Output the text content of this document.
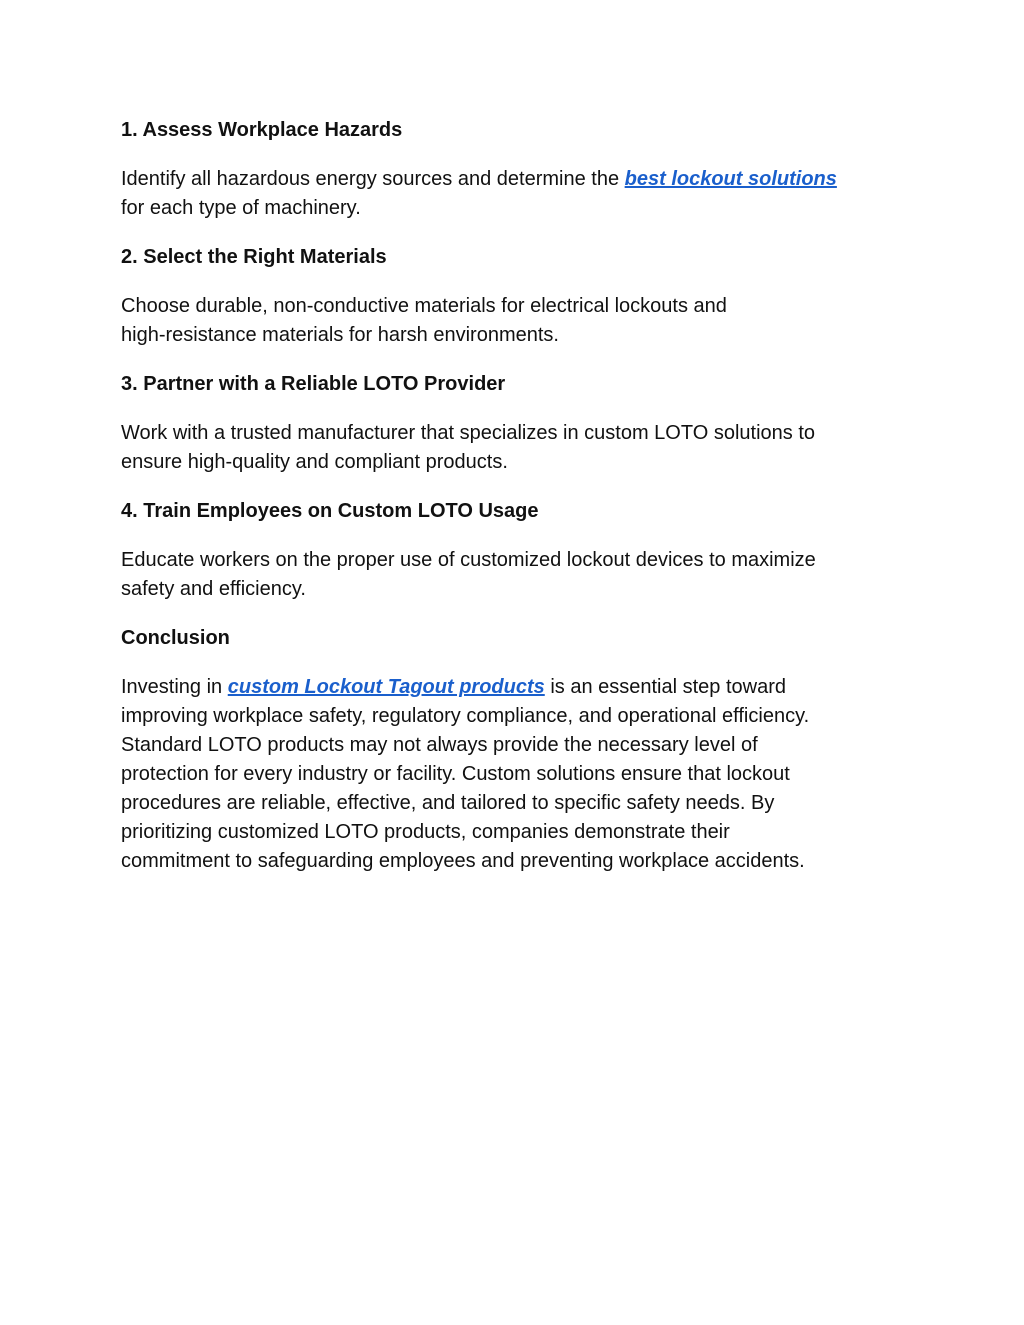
1. Assess Workplace Hazards
Identify all hazardous energy sources and determine the best lockout solutions
for each type of machinery.
2. Select the Right Materials
Choose durable, non-conductive materials for electrical lockouts and
high-resistance materials for harsh environments.
3. Partner with a Reliable LOTO Provider
Work with a trusted manufacturer that specializes in custom LOTO solutions to
ensure high-quality and compliant products.
4. Train Employees on Custom LOTO Usage
Educate workers on the proper use of customized lockout devices to maximize
safety and efficiency.
Conclusion
Investing in custom Lockout Tagout products is an essential step toward
improving workplace safety, regulatory compliance, and operational efficiency.
Standard LOTO products may not always provide the necessary level of
protection for every industry or facility. Custom solutions ensure that lockout
procedures are reliable, effective, and tailored to specific safety needs. By
prioritizing customized LOTO products, companies demonstrate their
commitment to safeguarding employees and preventing workplace accidents.
